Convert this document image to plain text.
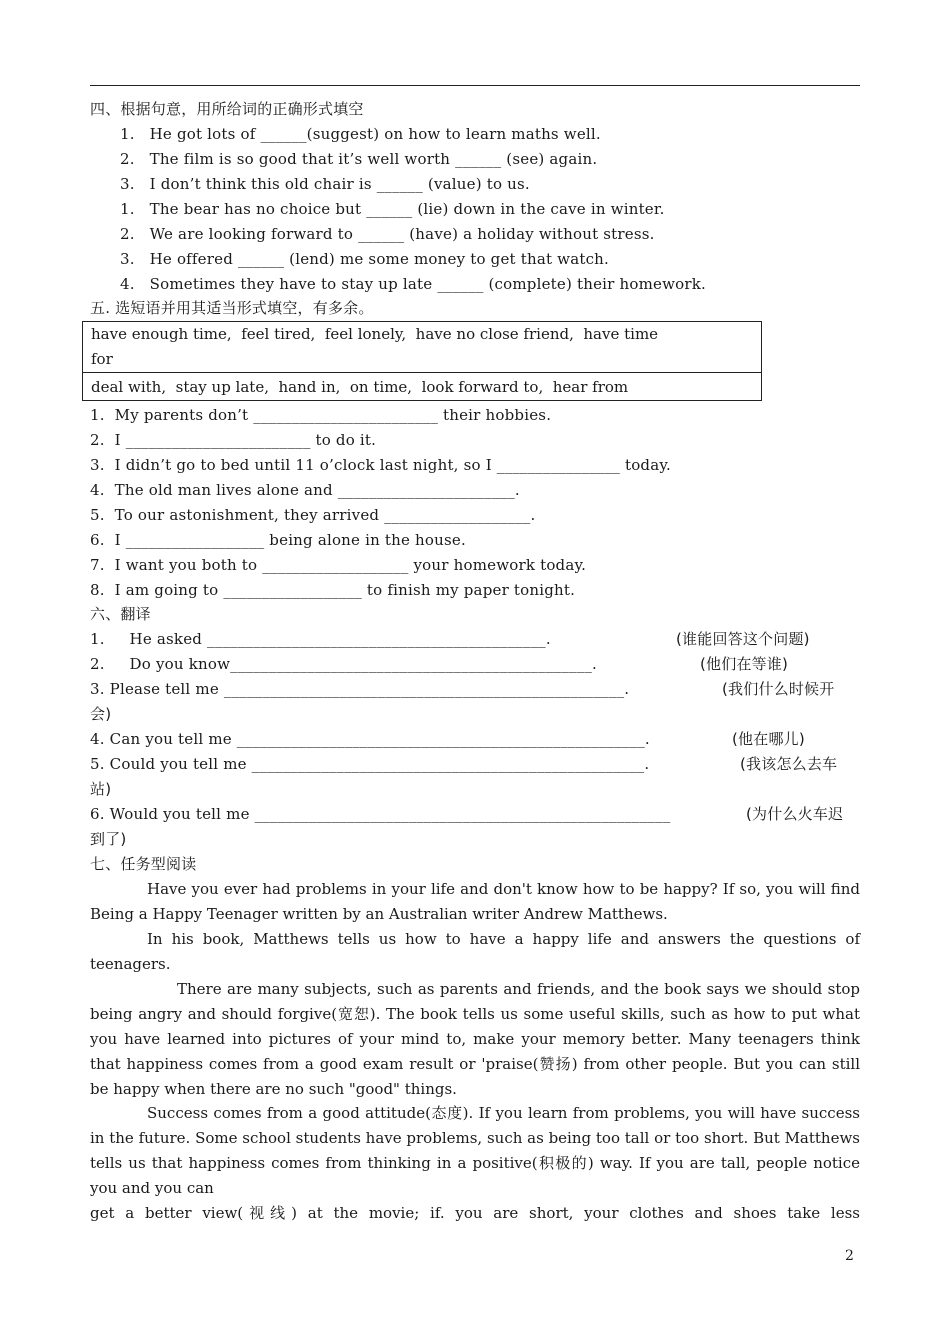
四、根据句意，用所给词的正确形式填空
1.   He got lots of ______(suggest) on how to learn maths well.
2.   The film is so good that it’s well worth ______ (see) again.
3.   I don’t think this old chair is ______ (value) to us.
1.   The bear has no choice but ______ (lie) down in the cave in winter.
2.   We are looking forward to ______ (have) a holiday without stress.
3.   He offered ______ (lend) me some money to get that watch.
4.   Sometimes they have to stay up late ______ (complete) their homework.
五. 选短语并用其适当形式填空，有多余。
have enough time,  feel tired,  feel lonely,  have no close friend,  have time
for
deal with,  stay up late,  hand in,  on time,  look forward to,  hear from
1.  My parents don’t ________________________ their hobbies.
2.  I ________________________ to do it.
3.  I didn’t go to bed until 11 o’clock last night, so I ________________ today.
4.  The old man lives alone and _______________________.
5.  To our astonishment, they arrived ___________________.
6.  I __________________ being alone in the house.
7.  I want you both to ___________________ your homework today.
8.  I am going to __________________ to finish my paper tonight.
六、翻译
1.     He asked ____________________________________________.	(谁能回答这个问题)
2.     Do you know_______________________________________________.	(他们在等谁)
3. Please tell me ____________________________________________________.	(我们什么时候开
会)
4. Can you tell me _____________________________________________________.	(他在哪儿)
5. Could you tell me ___________________________________________________.	(我该怎么去车
站)
6. Would you tell me ______________________________________________________	(为什么火车迟
到了)
七、任务型阅读
Have you ever had problems in your life and don't know how to be happy? If so, you will find Being a Happy Teenager written by an Australian writer Andrew Matthews.
In his book, Matthews tells us how to have a happy life and answers the questions of teenagers.
There are many subjects, such as parents and friends, and the book says we should stop being angry and should forgive(宽恕). The book tells us some useful skills, such as how to put what you have learned into pictures of your mind to, make your memory better. Many teenagers think that happiness comes from a good exam result or 'praise(赞扬) from other people. But you can still be happy when there are no such "good" things.
Success comes from a good attitude(态度). If you learn from problems, you will have success in the future. Some school students have problems, such as being too tall or too short. But Matthews tells us that happiness comes from thinking in a positive(积极的) way. If you are tall, people notice you and you can
get a better view(视线) at the movie; if. you are short, your clothes and shoes take less
2
